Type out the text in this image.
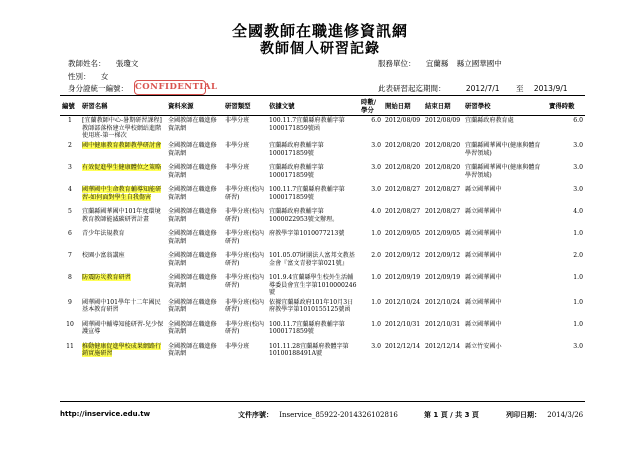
全國教師在職進修資訊網
教師個人研習記錄
教師姓名： 張瓊文
性別： 女
身分證統一編號： CONFIDENTIAL
服務單位： 宜蘭縣 縣立國華國中
此表研習起迄期間：	2012/7/1 至 2013/9/1
編號	研習名稱	資料來源	研習類型	依據文號	時數/學分	開始日期	結束日期	研習學校	實得時數
1	[宜蘭教師中心-暑期研習課程]教師部落格建立學校網站進階使用班-第一梯次	全國教師在職進修資訊網	非學分班	100.11.7宜蘭縣府教輔字第1000171859號函	6.0	2012/08/09	2012/08/09	宜蘭縣政府教育處	6.0
2	國中健康教育教師教學研討會	全國教師在職進修資訊網	非學分班	宜蘭縣政府教輔字第1000171859號	3.0	2012/08/20	2012/08/20	宜蘭縣國華國中(健康與體育學習領域)	3.0
3	有效促進學生健康體位之策略	全國教師在職進修資訊網	非學分班	宜蘭縣政府教輔字第1000171859號	3.0	2012/08/20	2012/08/20	宜蘭縣國華國中(健康與體育學習領域)	3.0
4	國華國中生命教育輔導知能研習-如何面對學生自我傷害	全國教師在職進修資訊網	非學分班(校內研習)	100.11.7宜蘭縣府教輔字第1000171859號	3.0	2012/08/27	2012/08/27	縣立國華國中	3.0
5	宜蘭縣國華國中101年度環境教育教師能滅碳研習計畫	全國教師在職進修資訊網	非學分班(校內研習)	宜蘭縣政府教輔字第1000022953號文辦理。	4.0	2012/08/27	2012/08/27	縣立國華國中	4.0
6	青少年法規教育	全國教師在職進修資訊網	非學分班(校內研習)	府教學字第1010077213號	1.0	2012/09/05	2012/09/05	縣立國華國中	1.0
7	校園小富翁講座	全國教師在職進修資訊網	非學分班(校內研習)	101.05.07財團法人富邦文教基金會『富文青發字第021號』	2.0	2012/09/12	2012/09/12	縣立國華國中	2.0
8	防震防災教育研習	全國教師在職進修資訊網	非學分班(校內研習)	101.9.4宜蘭縣學生校外生活輔導委員會宜生字第1010000246號	1.0	2012/09/19	2012/09/19	縣立國華國中	1.0
9	國華國中101學年十二年國民基本教育研習	全國教師在職進修資訊網	非學分班(校內研習)	依據宜蘭縣政府101年10月3日府教學字第1010155125號函	1.0	2012/10/24	2012/10/24	縣立國華國中	1.0
10	國華國中輔導知能研習-兒少保護宣導	全國教師在職進修資訊網	非學分班(校內研習)	100.11.7宜蘭縣府教輔字第1000171859號	1.0	2012/10/31	2012/10/31	縣立國華國中	1.0
11	推動健康促進學校成果網路行銷實施研習	全國教師在職進修資訊網	非學分班	101.11.28宜蘭縣府教體字第10100188491A號	3.0	2012/12/14	2012/12/14	縣立竹安國小	3.0
http://inservice.edu.tw	文件序號： Inservice_85922-2014326102816	第 1 頁 / 共 3 頁	列印日期： 2014/3/26
